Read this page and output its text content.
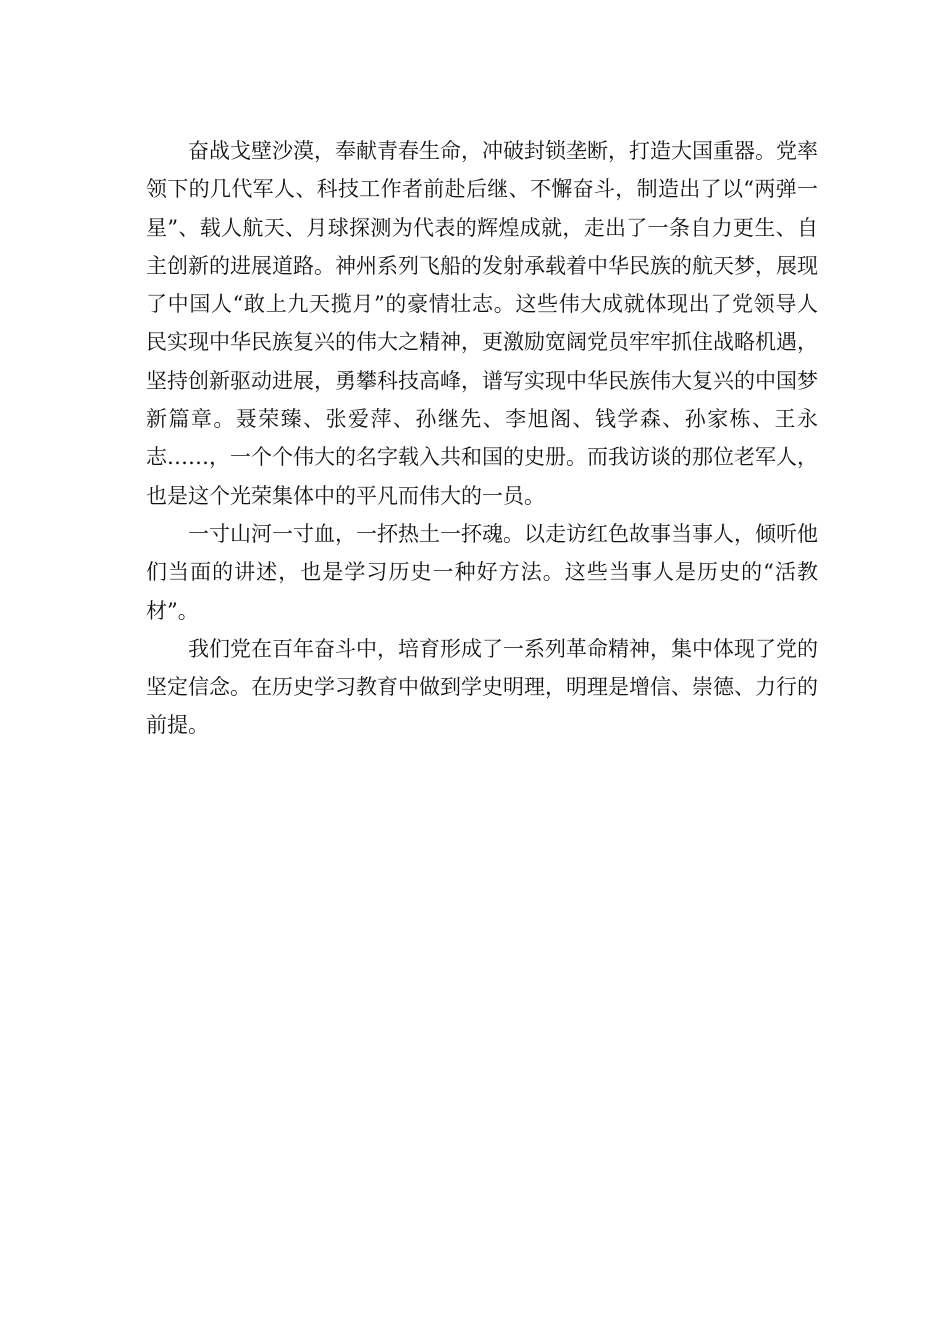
奋战戈壁沙漠，奉献青春生命，冲破封锁垄断，打造大国重器。党率领下的几代军人、科技工作者前赴后继、不懈奋斗，制造出了以“两弹一星”、载人航天、月球探测为代表的辉煌成就，走出了一条自力更生、自主创新的进展道路。神州系列飞船的发射承载着中华民族的航天梦，展现了中国人“敢上九天揽月”的豪情壮志。这些伟大成就体现出了党领导人民实现中华民族复兴的伟大之精神，更激励宽阔党员牢牢抓住战略机遇，坚持创新驱动进展，勇攀科技高峰，谱写实现中华民族伟大复兴的中国梦新篇章。聂荣臻、张爱萍、孙继先、李旭阁、钱学森、孙家栋、王永志……，一个个伟大的名字载入共和国的史册。而我访谈的那位老军人，也是这个光荣集体中的平凡而伟大的一员。

一寸山河一寸血，一抔热土一抔魂。以走访红色故事当事人，倾听他们当面的讲述，也是学习历史一种好方法。这些当事人是历史的“活教材”。

我们党在百年奋斗中，培育形成了一系列革命精神，集中体现了党的坚定信念。在历史学习教育中做到学史明理，明理是增信、崇德、力行的前提。
